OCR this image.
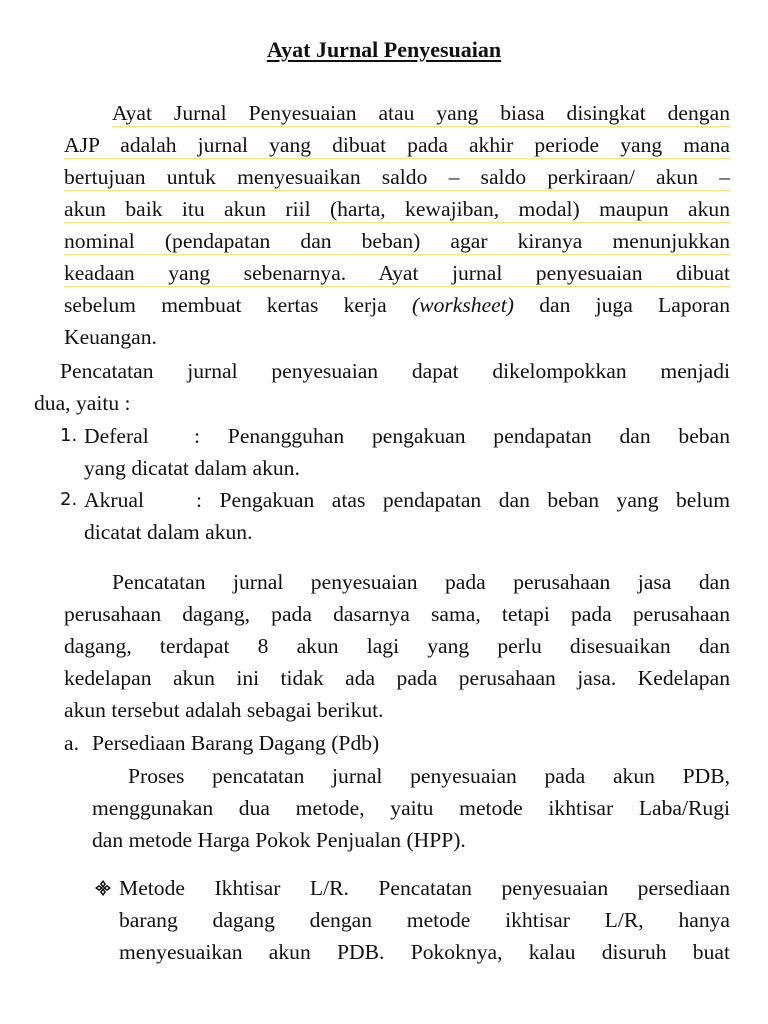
Ayat Jurnal Penyesuaian
Ayat Jurnal Penyesuaian atau yang biasa disingkat dengan
AJP adalah jurnal yang dibuat pada akhir periode yang mana
bertujuan untuk menyesuaikan saldo – saldo perkiraan/ akun –
akun baik itu akun riil (harta, kewajiban, modal) maupun akun
nominal (pendapatan dan beban) agar kiranya menunjukkan
keadaan yang sebenarnya. Ayat jurnal penyesuaian dibuat
sebelum membuat kertas kerja (worksheet) dan juga Laporan
Keuangan.
Pencatatan jurnal penyesuaian dapat dikelompokkan menjadi
dua, yaitu :
1. Deferal : Penangguhan pengakuan pendapatan dan beban
yang dicatat dalam akun.
2. Akrual : Pengakuan atas pendapatan dan beban yang belum
dicatat dalam akun.
Pencatatan jurnal penyesuaian pada perusahaan jasa dan
perusahaan dagang, pada dasarnya sama, tetapi pada perusahaan
dagang, terdapat 8 akun lagi yang perlu disesuaikan dan
kedelapan akun ini tidak ada pada perusahaan jasa. Kedelapan
akun tersebut adalah sebagai berikut.
a. Persediaan Barang Dagang (Pdb)
Proses pencatatan jurnal penyesuaian pada akun PDB,
menggunakan dua metode, yaitu metode ikhtisar Laba/Rugi
dan metode Harga Pokok Penjualan (HPP).
Metode Ikhtisar L/R. Pencatatan penyesuaian persediaan
barang dagang dengan metode ikhtisar L/R, hanya
menyesuaikan akun PDB. Pokoknya, kalau disuruh buat
